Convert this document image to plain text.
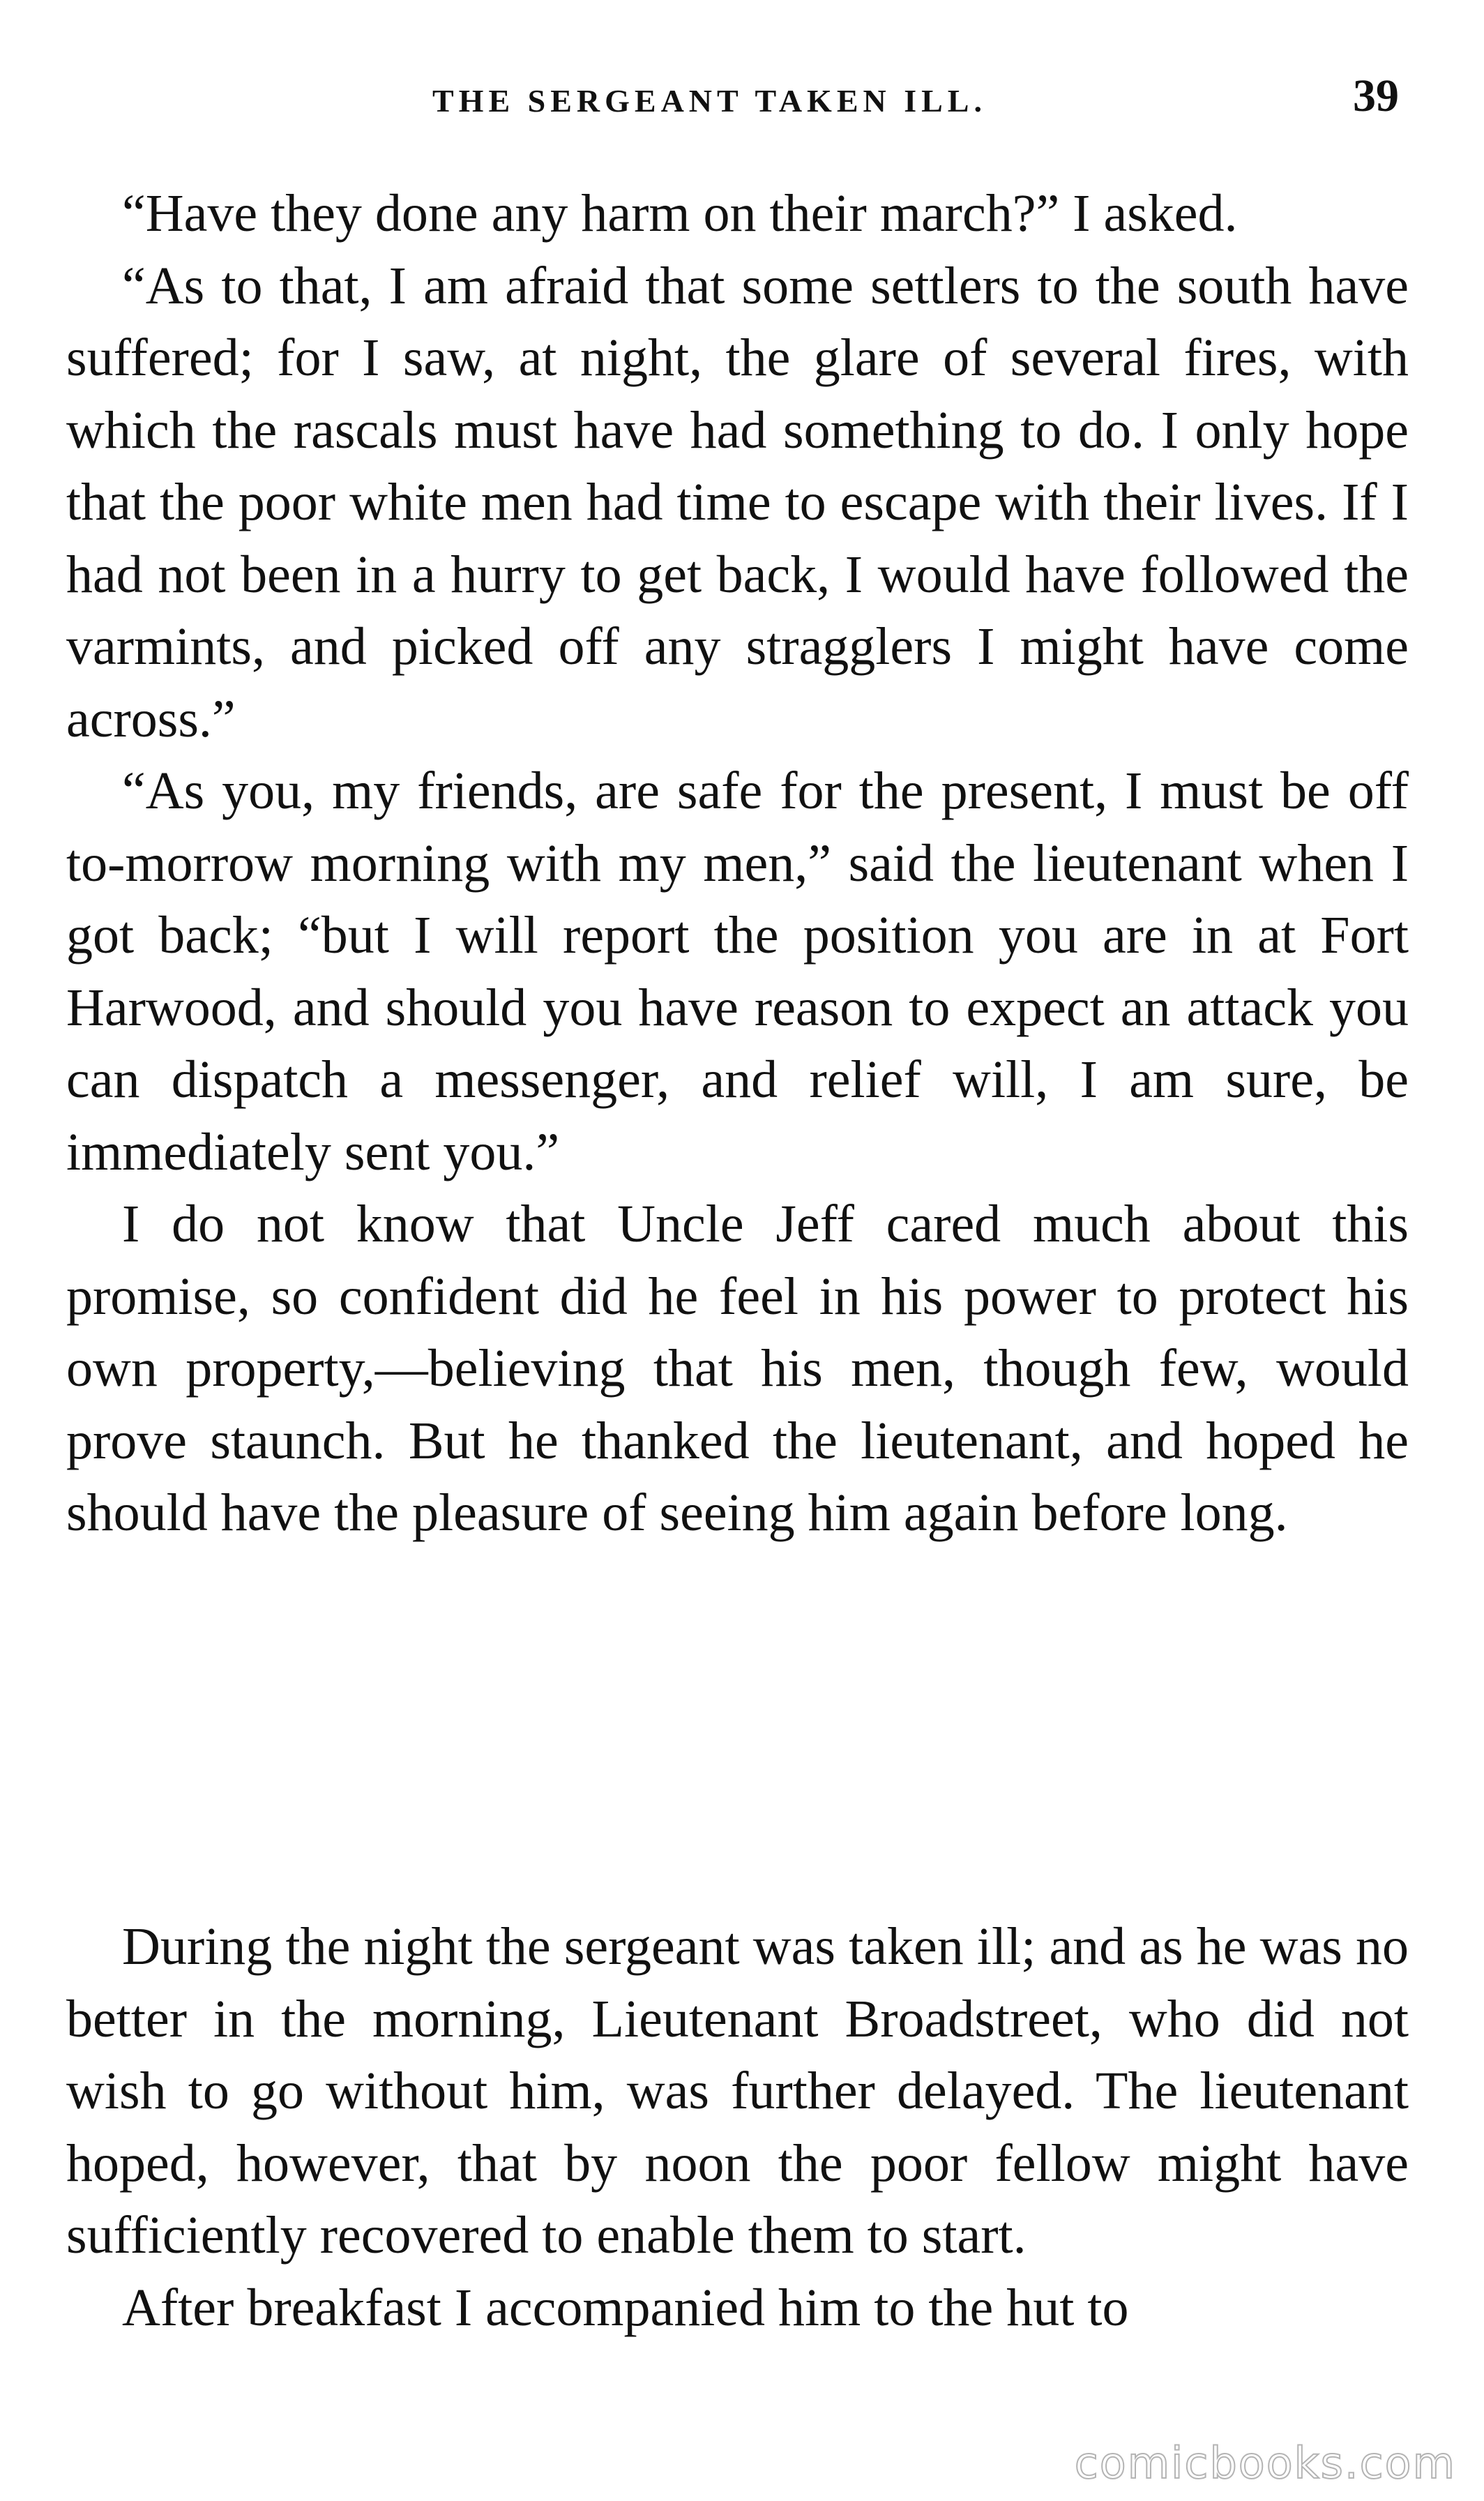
THE SERGEANT TAKEN ILL.	39

“Have they done any harm on their march?” I asked.

“As to that, I am afraid that some settlers to the south have suffered; for I saw, at night, the glare of several fires, with which the rascals must have had something to do. I only hope that the poor white men had time to escape with their lives. If I had not been in a hurry to get back, I would have followed the varmints, and picked off any stragglers I might have come across.”

“As you, my friends, are safe for the present, I must be off to-morrow morning with my men,” said the lieutenant when I got back; “but I will report the position you are in at Fort Harwood, and should you have reason to expect an attack you can dispatch a messenger, and relief will, I am sure, be immediately sent you.”

I do not know that Uncle Jeff cared much about this promise, so confident did he feel in his power to protect his own property,—believing that his men, though few, would prove staunch. But he thanked the lieutenant, and hoped he should have the pleasure of seeing him again before long.

During the night the sergeant was taken ill; and as he was no better in the morning, Lieutenant Broadstreet, who did not wish to go without him, was further delayed. The lieutenant hoped, however, that by noon the poor fellow might have sufficiently recovered to enable them to start.

After breakfast I accompanied him to the hut to

comicbooks.com
